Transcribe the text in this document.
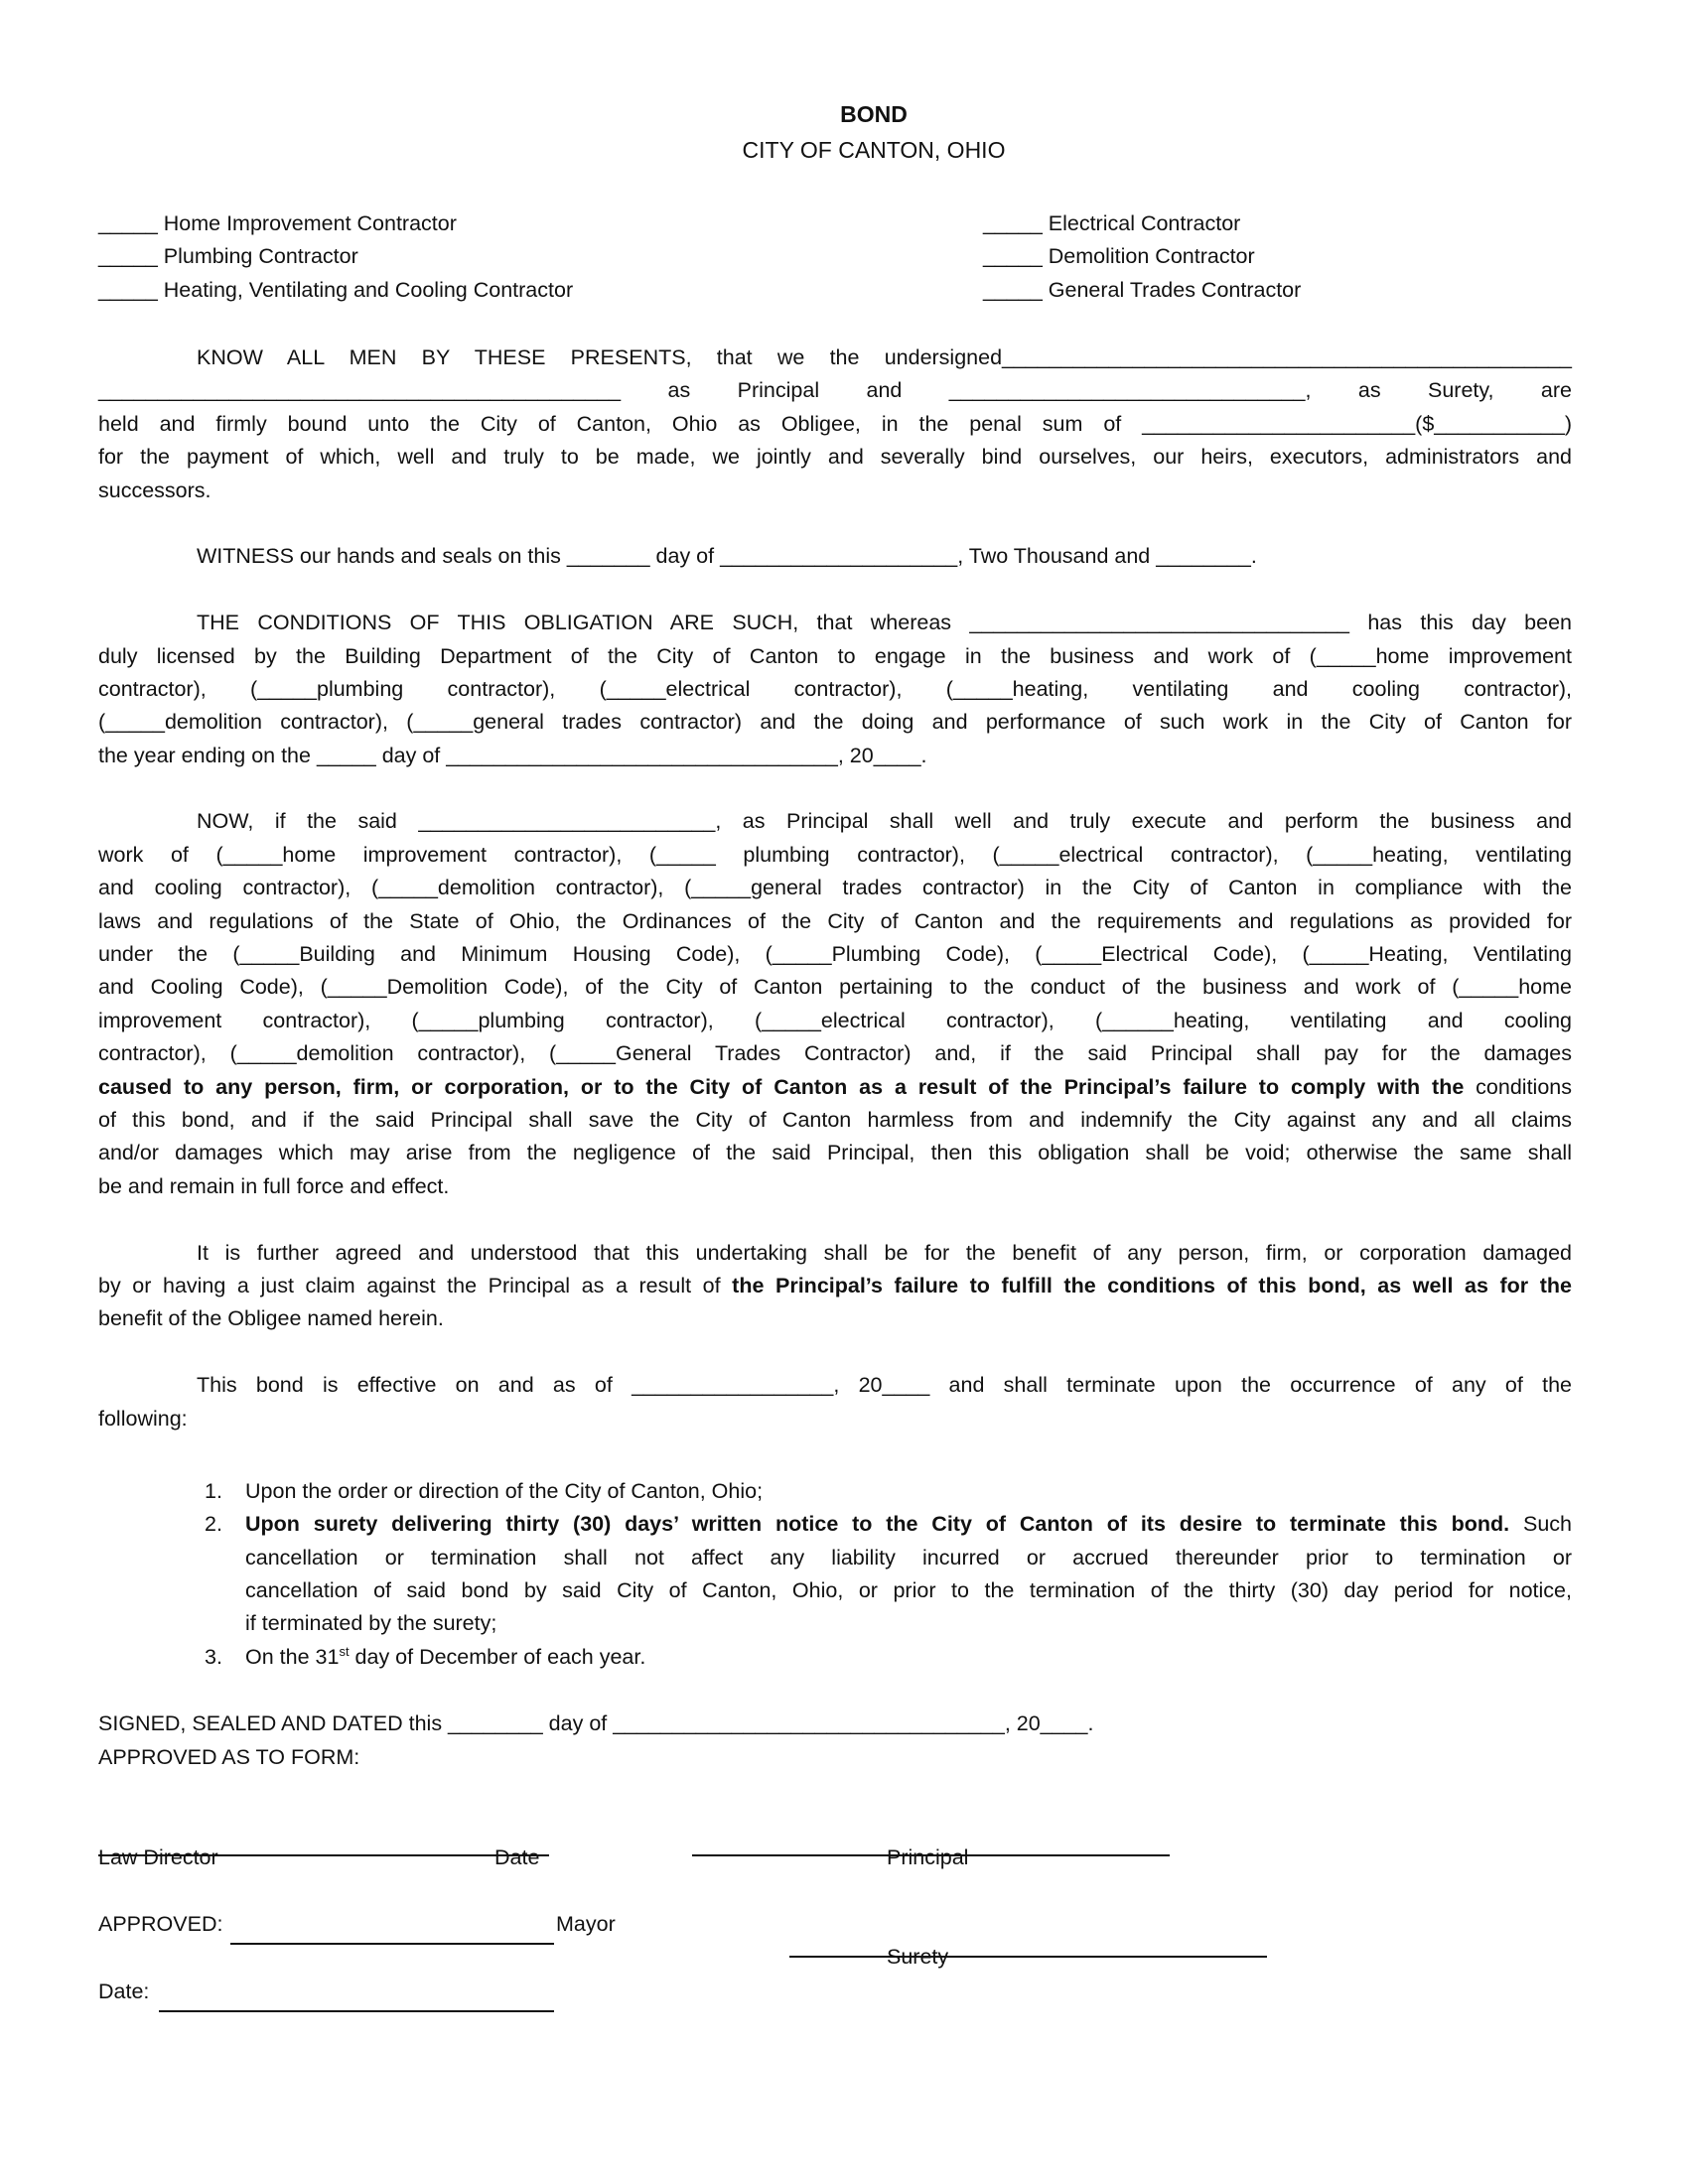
BOND
CITY OF CANTON, OHIO
_____ Home Improvement Contractor
_____ Plumbing Contractor
_____ Heating, Ventilating and Cooling Contractor
_____ Electrical Contractor
_____ Demolition Contractor
_____ General Trades Contractor
KNOW ALL MEN BY THESE PRESENTS, that we the undersigned________________________________________________
____________________________________________ as Principal and ______________________________, as Surety, are
held and firmly bound unto the City of Canton, Ohio as Obligee, in the penal sum of _______________________($___________)
for the payment of which, well and truly to be made, we jointly and severally bind ourselves, our heirs, executors, administrators and
successors.
WITNESS our hands and seals on this _______ day of ____________________, Two Thousand and ________.
THE CONDITIONS OF THIS OBLIGATION ARE SUCH, that whereas ________________________________ has this day been
duly licensed by the Building Department of the City of Canton to engage in the business and work of (_____home improvement
contractor), (_____plumbing contractor), (_____electrical contractor), (_____heating, ventilating and cooling contractor),
(_____demolition contractor), (_____general trades contractor) and the doing and performance of such work in the City of Canton for
the year ending on the _____ day of _________________________________, 20____.
NOW, if the said _________________________, as Principal shall well and truly execute and perform the business and
work of (_____home improvement contractor), (_____ plumbing contractor), (_____electrical contractor), (_____heating, ventilating
and cooling contractor), (_____demolition contractor), (_____general trades contractor) in the City of Canton in compliance with the
laws and regulations of the State of Ohio, the Ordinances of the City of Canton and the requirements and regulations as provided for
under the (_____Building and Minimum Housing Code), (_____Plumbing Code), (_____Electrical Code), (_____Heating, Ventilating
and Cooling Code), (_____Demolition Code), of the City of Canton pertaining to the conduct of the business and work of (_____home
improvement contractor), (_____plumbing contractor), (_____electrical contractor), (______heating, ventilating and cooling
contractor), (_____demolition contractor), (_____General Trades Contractor) and, if the said Principal shall pay for the damages
caused to any person, firm, or corporation, or to the City of Canton as a result of the Principal’s failure to comply with the conditions
of this bond, and if the said Principal shall save the City of Canton harmless from and indemnify the City against any and all claims
and/or damages which may arise from the negligence of the said Principal, then this obligation shall be void; otherwise the same shall
be and remain in full force and effect.
It is further agreed and understood that this undertaking shall be for the benefit of any person, firm, or corporation damaged
by or having a just claim against the Principal as a result of the Principal’s failure to fulfill the conditions of this bond, as well as for the
benefit of the Obligee named herein.
This bond is effective on and as of _________________, 20____ and shall terminate upon the occurrence of any of the
following:
1. Upon the order or direction of the City of Canton, Ohio;
2. Upon surety delivering thirty (30) days’ written notice to the City of Canton of its desire to terminate this bond. Such
cancellation or termination shall not affect any liability incurred or accrued thereunder prior to termination or
cancellation of said bond by said City of Canton, Ohio, or prior to the termination of the thirty (30) day period for notice,
if terminated by the surety;
3. On the 31st day of December of each year.
SIGNED, SEALED AND DATED this ________ day of _________________________________, 20____.
APPROVED AS TO FORM:
Law Director	Date	Principal
APPROVED:	Mayor
Surety
Date:
